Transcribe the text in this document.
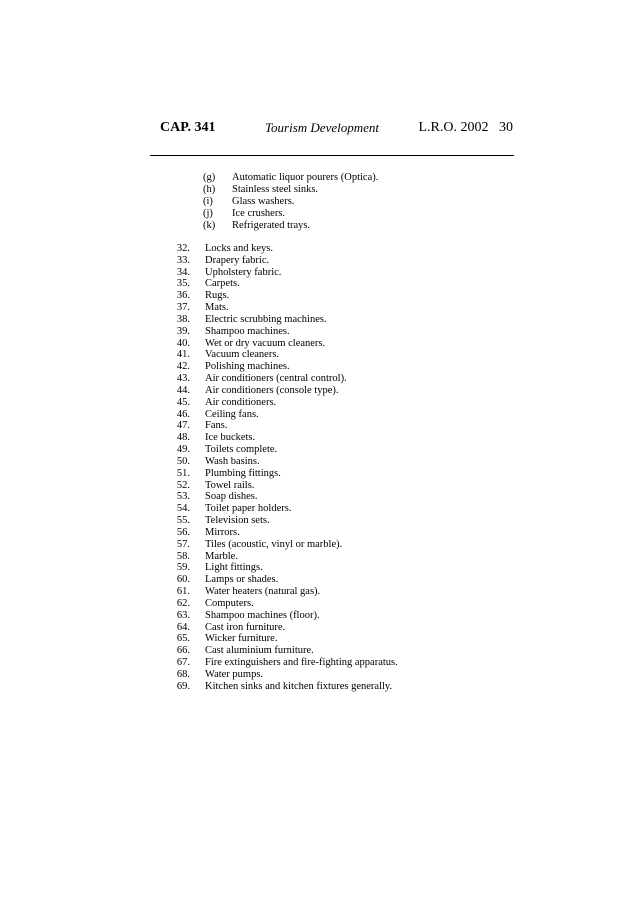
CAP. 341	Tourism Development	L.R.O. 2002 30
(g) Automatic liquor pourers (Optica).
(h) Stainless steel sinks.
(i) Glass washers.
(j) Ice crushers.
(k) Refrigerated trays.
32. Locks and keys.
33. Drapery fabric.
34. Upholstery fabric.
35. Carpets.
36. Rugs.
37. Mats.
38. Electric scrubbing machines.
39. Shampoo machines.
40. Wet or dry vacuum cleaners.
41. Vacuum cleaners.
42. Polishing machines.
43. Air conditioners (central control).
44. Air conditioners (console type).
45. Air conditioners.
46. Ceiling fans.
47. Fans.
48. Ice buckets.
49. Toilets complete.
50. Wash basins.
51. Plumbing fittings.
52. Towel rails.
53. Soap dishes.
54. Toilet paper holders.
55. Television sets.
56. Mirrors.
57. Tiles (acoustic, vinyl or marble).
58. Marble.
59. Light fittings.
60. Lamps or shades.
61. Water heaters (natural gas).
62. Computers.
63. Shampoo machines (floor).
64. Cast iron furniture.
65. Wicker furniture.
66. Cast aluminium furniture.
67. Fire extinguishers and fire-fighting apparatus.
68. Water pumps.
69. Kitchen sinks and kitchen fixtures generally.
